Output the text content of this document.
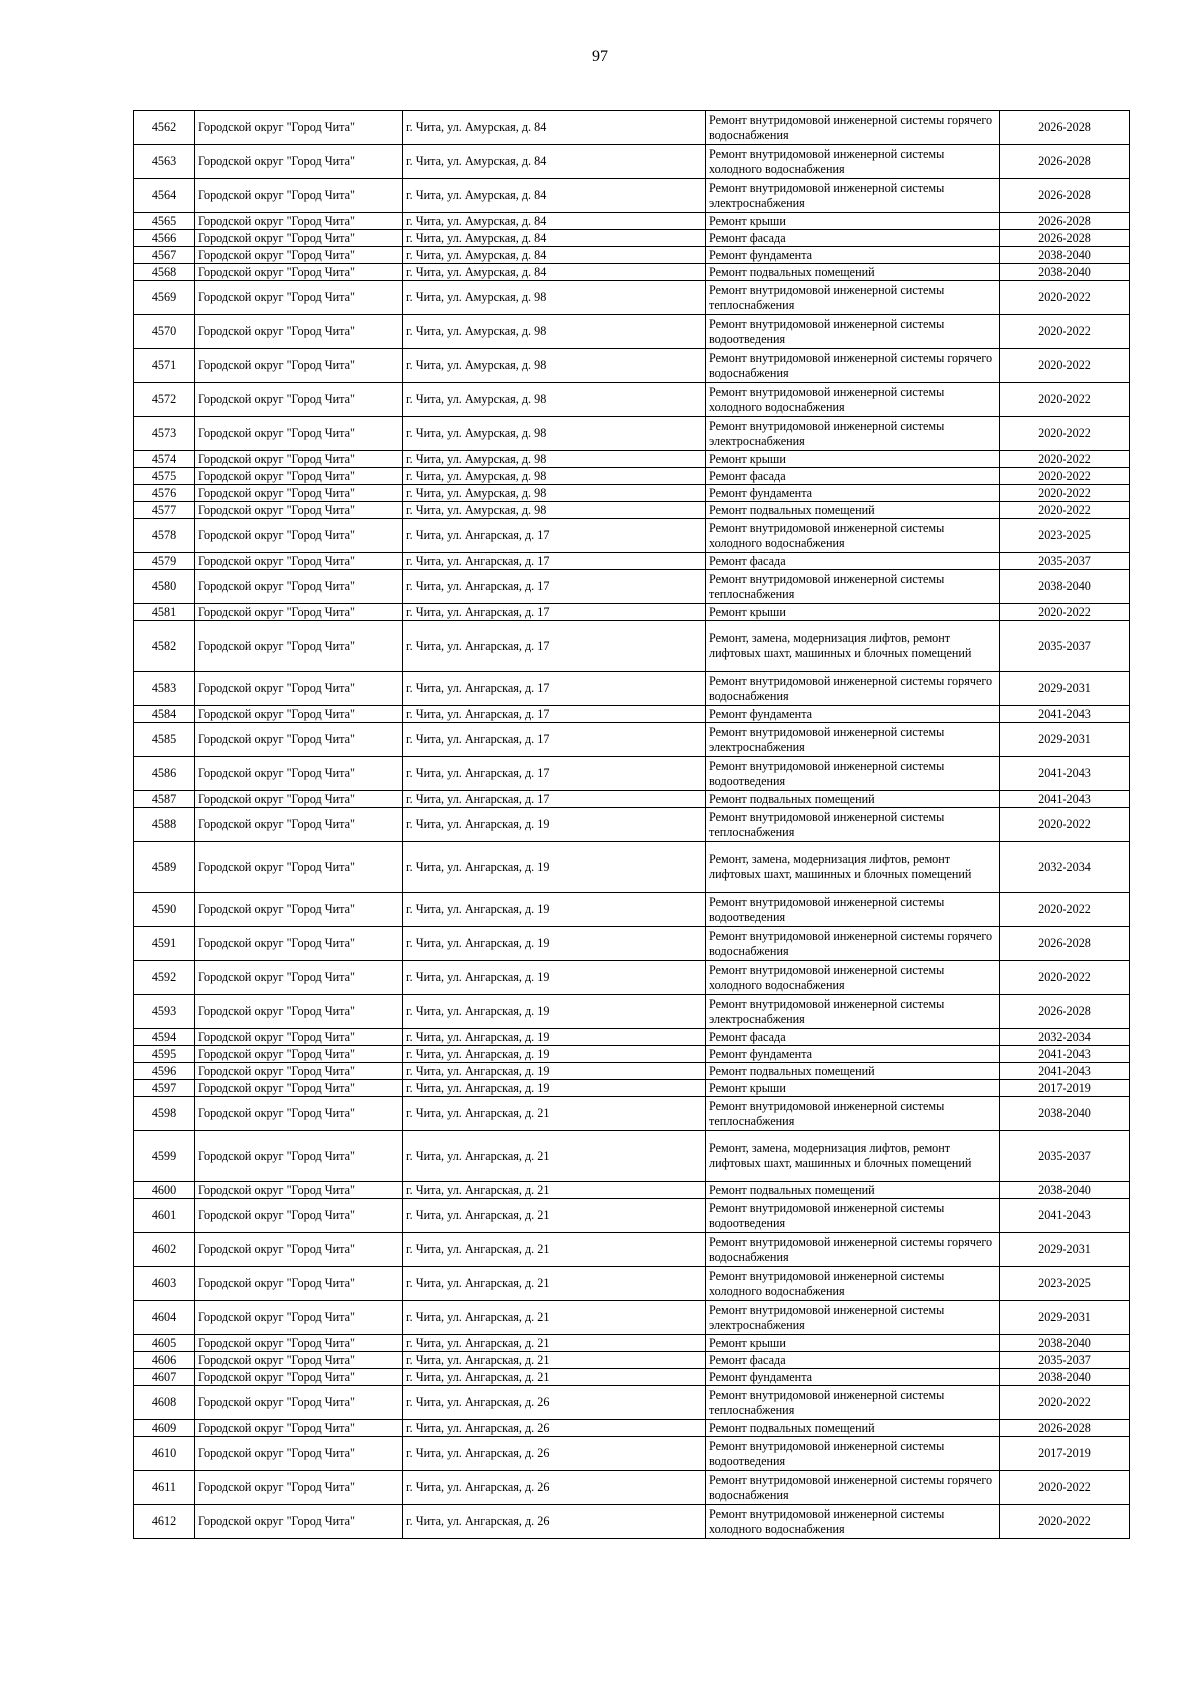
97
4562	Городской округ "Город Чита"	г. Чита, ул. Амурская, д. 84	Ремонт внутридомовой инженерной системы горячего водоснабжения	2026-2028
4563	Городской округ "Город Чита"	г. Чита, ул. Амурская, д. 84	Ремонт внутридомовой инженерной системы холодного водоснабжения	2026-2028
4564	Городской округ "Город Чита"	г. Чита, ул. Амурская, д. 84	Ремонт внутридомовой инженерной системы электроснабжения	2026-2028
4565	Городской округ "Город Чита"	г. Чита, ул. Амурская, д. 84	Ремонт крыши	2026-2028
4566	Городской округ "Город Чита"	г. Чита, ул. Амурская, д. 84	Ремонт фасада	2026-2028
4567	Городской округ "Город Чита"	г. Чита, ул. Амурская, д. 84	Ремонт фундамента	2038-2040
4568	Городской округ "Город Чита"	г. Чита, ул. Амурская, д. 84	Ремонт подвальных помещений	2038-2040
4569	Городской округ "Город Чита"	г. Чита, ул. Амурская, д. 98	Ремонт внутридомовой инженерной системы теплоснабжения	2020-2022
4570	Городской округ "Город Чита"	г. Чита, ул. Амурская, д. 98	Ремонт внутридомовой инженерной системы водоотведения	2020-2022
4571	Городской округ "Город Чита"	г. Чита, ул. Амурская, д. 98	Ремонт внутридомовой инженерной системы горячего водоснабжения	2020-2022
4572	Городской округ "Город Чита"	г. Чита, ул. Амурская, д. 98	Ремонт внутридомовой инженерной системы холодного водоснабжения	2020-2022
4573	Городской округ "Город Чита"	г. Чита, ул. Амурская, д. 98	Ремонт внутридомовой инженерной системы электроснабжения	2020-2022
4574	Городской округ "Город Чита"	г. Чита, ул. Амурская, д. 98	Ремонт крыши	2020-2022
4575	Городской округ "Город Чита"	г. Чита, ул. Амурская, д. 98	Ремонт фасада	2020-2022
4576	Городской округ "Город Чита"	г. Чита, ул. Амурская, д. 98	Ремонт фундамента	2020-2022
4577	Городской округ "Город Чита"	г. Чита, ул. Амурская, д. 98	Ремонт подвальных помещений	2020-2022
4578	Городской округ "Город Чита"	г. Чита, ул. Ангарская, д. 17	Ремонт внутридомовой инженерной системы холодного водоснабжения	2023-2025
4579	Городской округ "Город Чита"	г. Чита, ул. Ангарская, д. 17	Ремонт фасада	2035-2037
4580	Городской округ "Город Чита"	г. Чита, ул. Ангарская, д. 17	Ремонт внутридомовой инженерной системы теплоснабжения	2038-2040
4581	Городской округ "Город Чита"	г. Чита, ул. Ангарская, д. 17	Ремонт крыши	2020-2022
4582	Городской округ "Город Чита"	г. Чита, ул. Ангарская, д. 17	Ремонт, замена, модернизация лифтов, ремонт лифтовых шахт, машинных и блочных помещений	2035-2037
4583	Городской округ "Город Чита"	г. Чита, ул. Ангарская, д. 17	Ремонт внутридомовой инженерной системы горячего водоснабжения	2029-2031
4584	Городской округ "Город Чита"	г. Чита, ул. Ангарская, д. 17	Ремонт фундамента	2041-2043
4585	Городской округ "Город Чита"	г. Чита, ул. Ангарская, д. 17	Ремонт внутридомовой инженерной системы электроснабжения	2029-2031
4586	Городской округ "Город Чита"	г. Чита, ул. Ангарская, д. 17	Ремонт внутридомовой инженерной системы водоотведения	2041-2043
4587	Городской округ "Город Чита"	г. Чита, ул. Ангарская, д. 17	Ремонт подвальных помещений	2041-2043
4588	Городской округ "Город Чита"	г. Чита, ул. Ангарская, д. 19	Ремонт внутридомовой инженерной системы теплоснабжения	2020-2022
4589	Городской округ "Город Чита"	г. Чита, ул. Ангарская, д. 19	Ремонт, замена, модернизация лифтов, ремонт лифтовых шахт, машинных и блочных помещений	2032-2034
4590	Городской округ "Город Чита"	г. Чита, ул. Ангарская, д. 19	Ремонт внутридомовой инженерной системы водоотведения	2020-2022
4591	Городской округ "Город Чита"	г. Чита, ул. Ангарская, д. 19	Ремонт внутридомовой инженерной системы горячего водоснабжения	2026-2028
4592	Городской округ "Город Чита"	г. Чита, ул. Ангарская, д. 19	Ремонт внутридомовой инженерной системы холодного водоснабжения	2020-2022
4593	Городской округ "Город Чита"	г. Чита, ул. Ангарская, д. 19	Ремонт внутридомовой инженерной системы электроснабжения	2026-2028
4594	Городской округ "Город Чита"	г. Чита, ул. Ангарская, д. 19	Ремонт фасада	2032-2034
4595	Городской округ "Город Чита"	г. Чита, ул. Ангарская, д. 19	Ремонт фундамента	2041-2043
4596	Городской округ "Город Чита"	г. Чита, ул. Ангарская, д. 19	Ремонт подвальных помещений	2041-2043
4597	Городской округ "Город Чита"	г. Чита, ул. Ангарская, д. 19	Ремонт крыши	2017-2019
4598	Городской округ "Город Чита"	г. Чита, ул. Ангарская, д. 21	Ремонт внутридомовой инженерной системы теплоснабжения	2038-2040
4599	Городской округ "Город Чита"	г. Чита, ул. Ангарская, д. 21	Ремонт, замена, модернизация лифтов, ремонт лифтовых шахт, машинных и блочных помещений	2035-2037
4600	Городской округ "Город Чита"	г. Чита, ул. Ангарская, д. 21	Ремонт подвальных помещений	2038-2040
4601	Городской округ "Город Чита"	г. Чита, ул. Ангарская, д. 21	Ремонт внутридомовой инженерной системы водоотведения	2041-2043
4602	Городской округ "Город Чита"	г. Чита, ул. Ангарская, д. 21	Ремонт внутридомовой инженерной системы горячего водоснабжения	2029-2031
4603	Городской округ "Город Чита"	г. Чита, ул. Ангарская, д. 21	Ремонт внутридомовой инженерной системы холодного водоснабжения	2023-2025
4604	Городской округ "Город Чита"	г. Чита, ул. Ангарская, д. 21	Ремонт внутридомовой инженерной системы электроснабжения	2029-2031
4605	Городской округ "Город Чита"	г. Чита, ул. Ангарская, д. 21	Ремонт крыши	2038-2040
4606	Городской округ "Город Чита"	г. Чита, ул. Ангарская, д. 21	Ремонт фасада	2035-2037
4607	Городской округ "Город Чита"	г. Чита, ул. Ангарская, д. 21	Ремонт фундамента	2038-2040
4608	Городской округ "Город Чита"	г. Чита, ул. Ангарская, д. 26	Ремонт внутридомовой инженерной системы теплоснабжения	2020-2022
4609	Городской округ "Город Чита"	г. Чита, ул. Ангарская, д. 26	Ремонт подвальных помещений	2026-2028
4610	Городской округ "Город Чита"	г. Чита, ул. Ангарская, д. 26	Ремонт внутридомовой инженерной системы водоотведения	2017-2019
4611	Городской округ "Город Чита"	г. Чита, ул. Ангарская, д. 26	Ремонт внутридомовой инженерной системы горячего водоснабжения	2020-2022
4612	Городской округ "Город Чита"	г. Чита, ул. Ангарская, д. 26	Ремонт внутридомовой инженерной системы холодного водоснабжения	2020-2022
